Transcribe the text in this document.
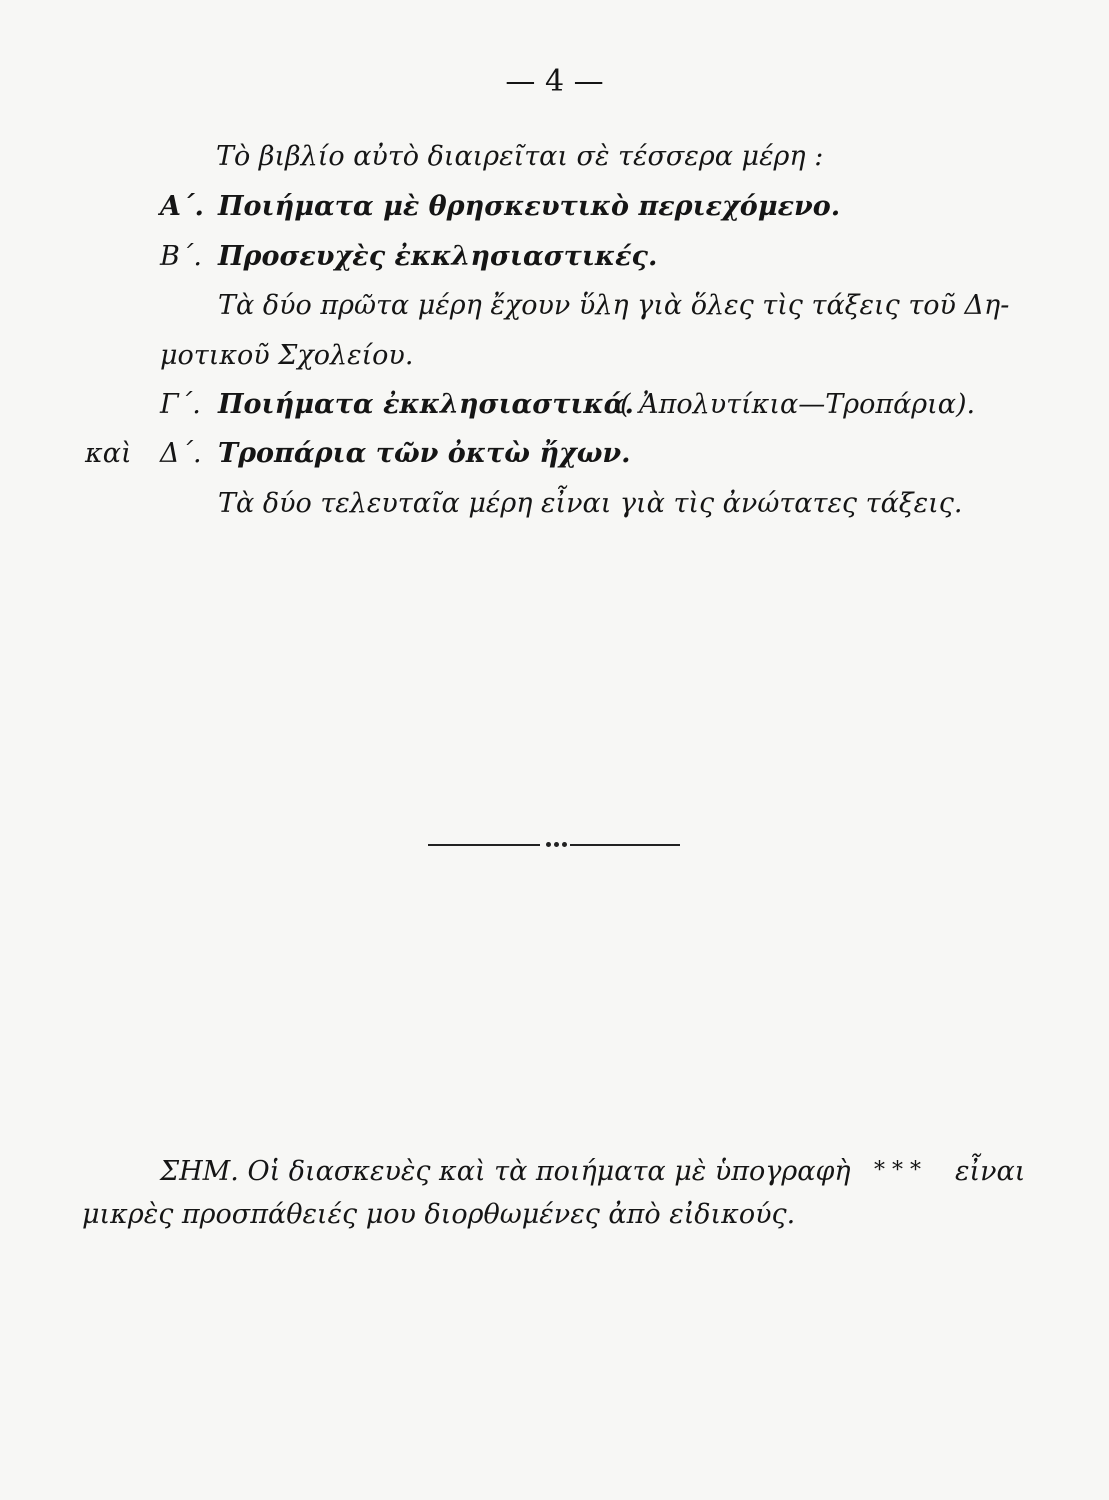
— 4 —
Τὸ βιβλίο αὐτὸ διαιρεῖται σὲ τέσσερα μέρη :
Α΄. Ποιήματα μὲ θρησκευτικὸ περιεχόμενο.
Β΄. Προσευχὲς ἐκκλησιαστικές.
Τὰ δύο πρῶτα μέρη ἔχουν ὕλη γιὰ ὅλες τὶς τάξεις τοῦ Δη-
μοτικοῦ Σχολείου.
Γ΄. Ποιήματα ἐκκλησιαστικά.
( Ἀπολυτίκια—Τροπάρια).
καὶ Δ΄. Τροπάρια τῶν ὀκτὼ ἤχων.
Τὰ δύο τελευταῖα μέρη εἶναι γιὰ τὶς ἀνώτατες τάξεις.
ΣΗΜ. Οἱ διασκευὲς καὶ τὰ ποιήματα μὲ ὑπογραφὴ * * * εἶναι
μικρὲς προσπάθειές μου διορθωμένες ἀπὸ εἰδικούς.
